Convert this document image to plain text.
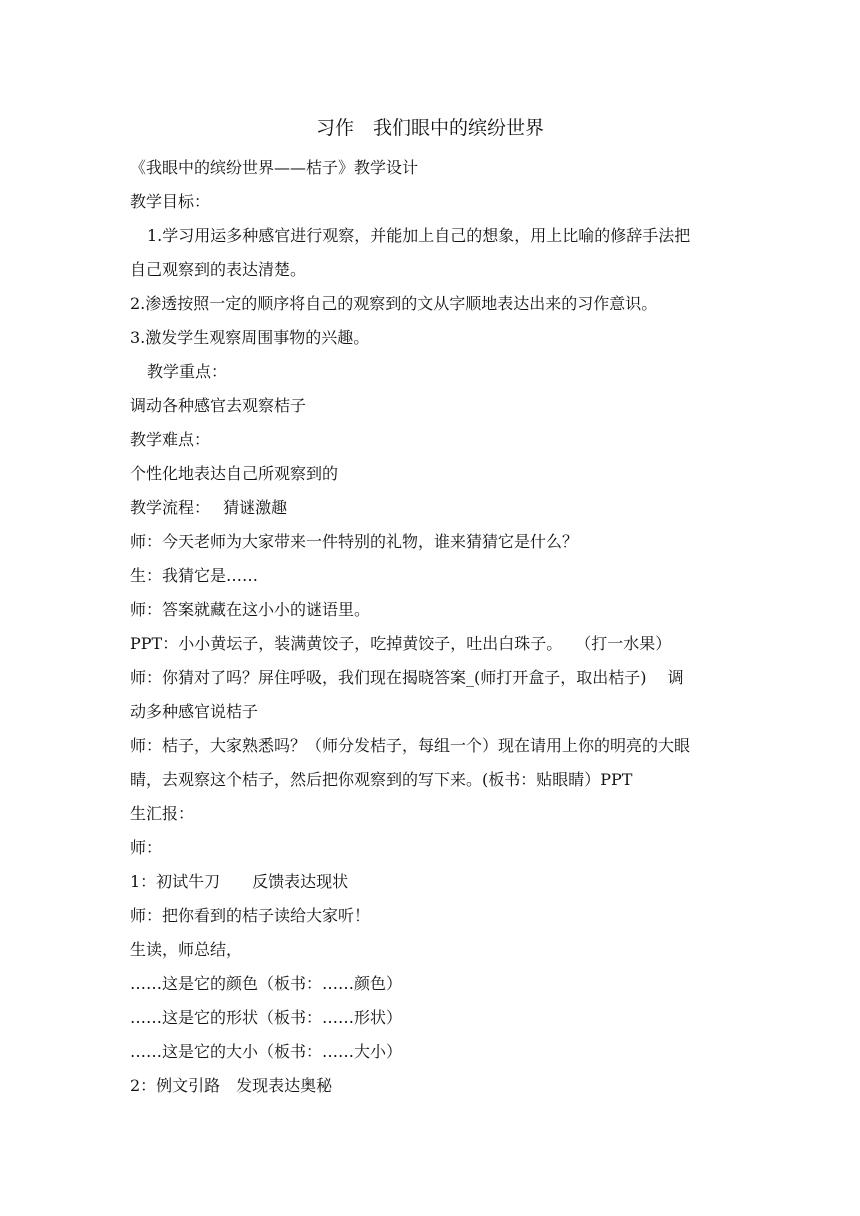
习作　我们眼中的缤纷世界
《我眼中的缤纷世界——桔子》教学设计
教学目标：
1.学习用运多种感官进行观察，并能加上自己的想象，用上比喻的修辞手法把
自己观察到的表达清楚。
2.渗透按照一定的顺序将自己的观察到的文从字顺地表达出来的习作意识。
3.激发学生观察周围事物的兴趣。
教学重点：
调动各种感官去观察桔子
教学难点：
个性化地表达自己所观察到的
教学流程：　 猜谜激趣
师：今天老师为大家带来一件特别的礼物，谁来猜猜它是什么？
生：我猜它是……
师：答案就藏在这小小的谜语里。
PPT：小小黄坛子，装满黄饺子，吃掉黄饺子，吐出白珠子。　 （打一水果）
师：你猜对了吗？屏住呼吸，我们现在揭晓答案_(师打开盒子，取出桔子)　 调
动多种感官说桔子
师：桔子，大家熟悉吗？（师分发桔子，每组一个）现在请用上你的明亮的大眼
睛，去观察这个桔子，然后把你观察到的写下来。(板书：贴眼睛）PPT
生汇报：
师：
1：初试牛刀　　反馈表达现状
师：把你看到的桔子读给大家听！
生读，师总结，
……这是它的颜色（板书：……颜色）
……这是它的形状（板书：……形状）
……这是它的大小（板书：……大小）
2：例文引路　发现表达奥秘
